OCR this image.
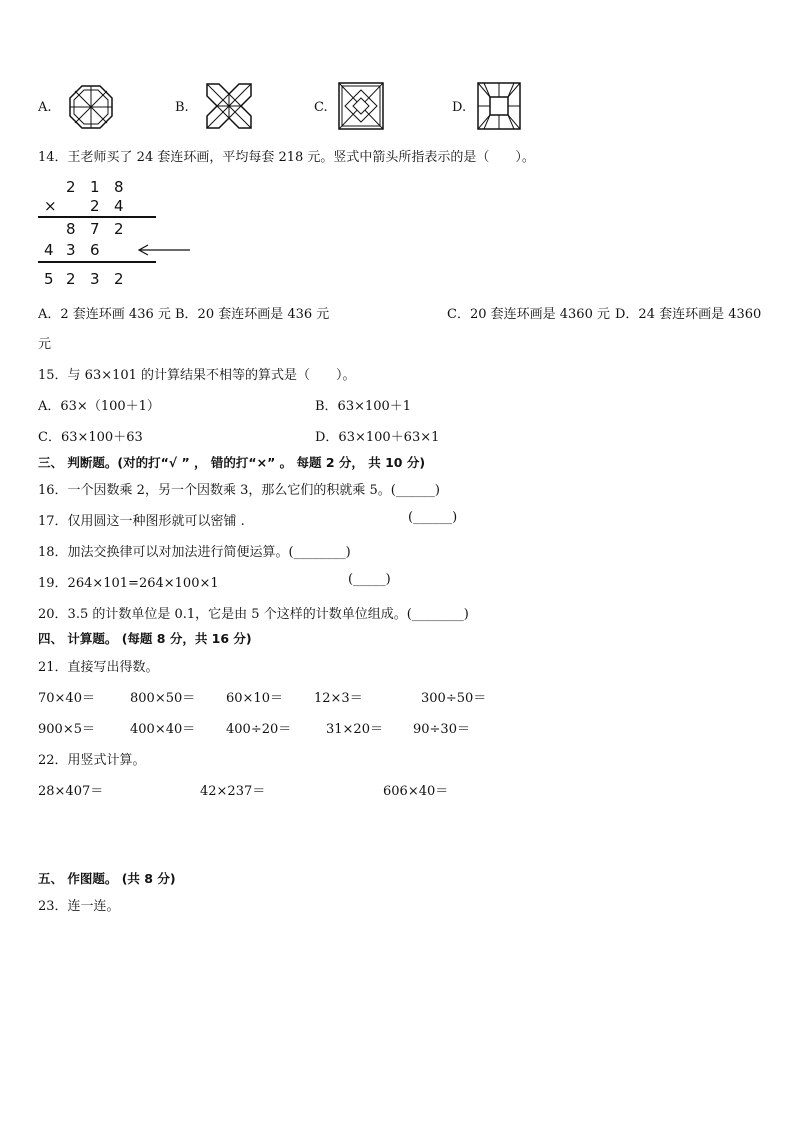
A.	B.	C.	D.
14．王老师买了 24 套连环画，平均每套 218 元。竖式中箭头所指表示的是（　　）。
2 1 8
× 2 4
8 7 2
4 3 6
5 2 3 2
A．2 套连环画 436 元 B．20 套连环画是 436 元	C．20 套连环画是 4360 元 D．24 套连环画是 4360
元
15．与 63×101 的计算结果不相等的算式是（　　）。
A．63×（100＋1）	B．63×100＋1
C．63×100＋63	D．63×100＋63×1
三、 判断题。(对的打“√ ” ， 错的打“×” 。 每题 2 分， 共 10 分)
16．一个因数乘 2，另一个因数乘 3，那么它们的积就乘 5。(______)
17．仅用圆这一种图形就可以密铺 .	(______)
18．加法交换律可以对加法进行简便运算。(________)
19．264×101=264×100×1	(_____)
20．3.5 的计数单位是 0.1，它是由 5 个这样的计数单位组成。(________)
四、 计算题。 (每题 8 分，共 16 分)
21．直接写出得数。
70×40＝	800×50＝ 60×10＝ 12×3＝	300÷50＝
900×5＝	400×40＝ 400÷20＝	31×20＝ 90÷30＝
22．用竖式计算。
28×407＝	42×237＝	606×40＝
五、 作图题。 (共 8 分)
23．连一连。
